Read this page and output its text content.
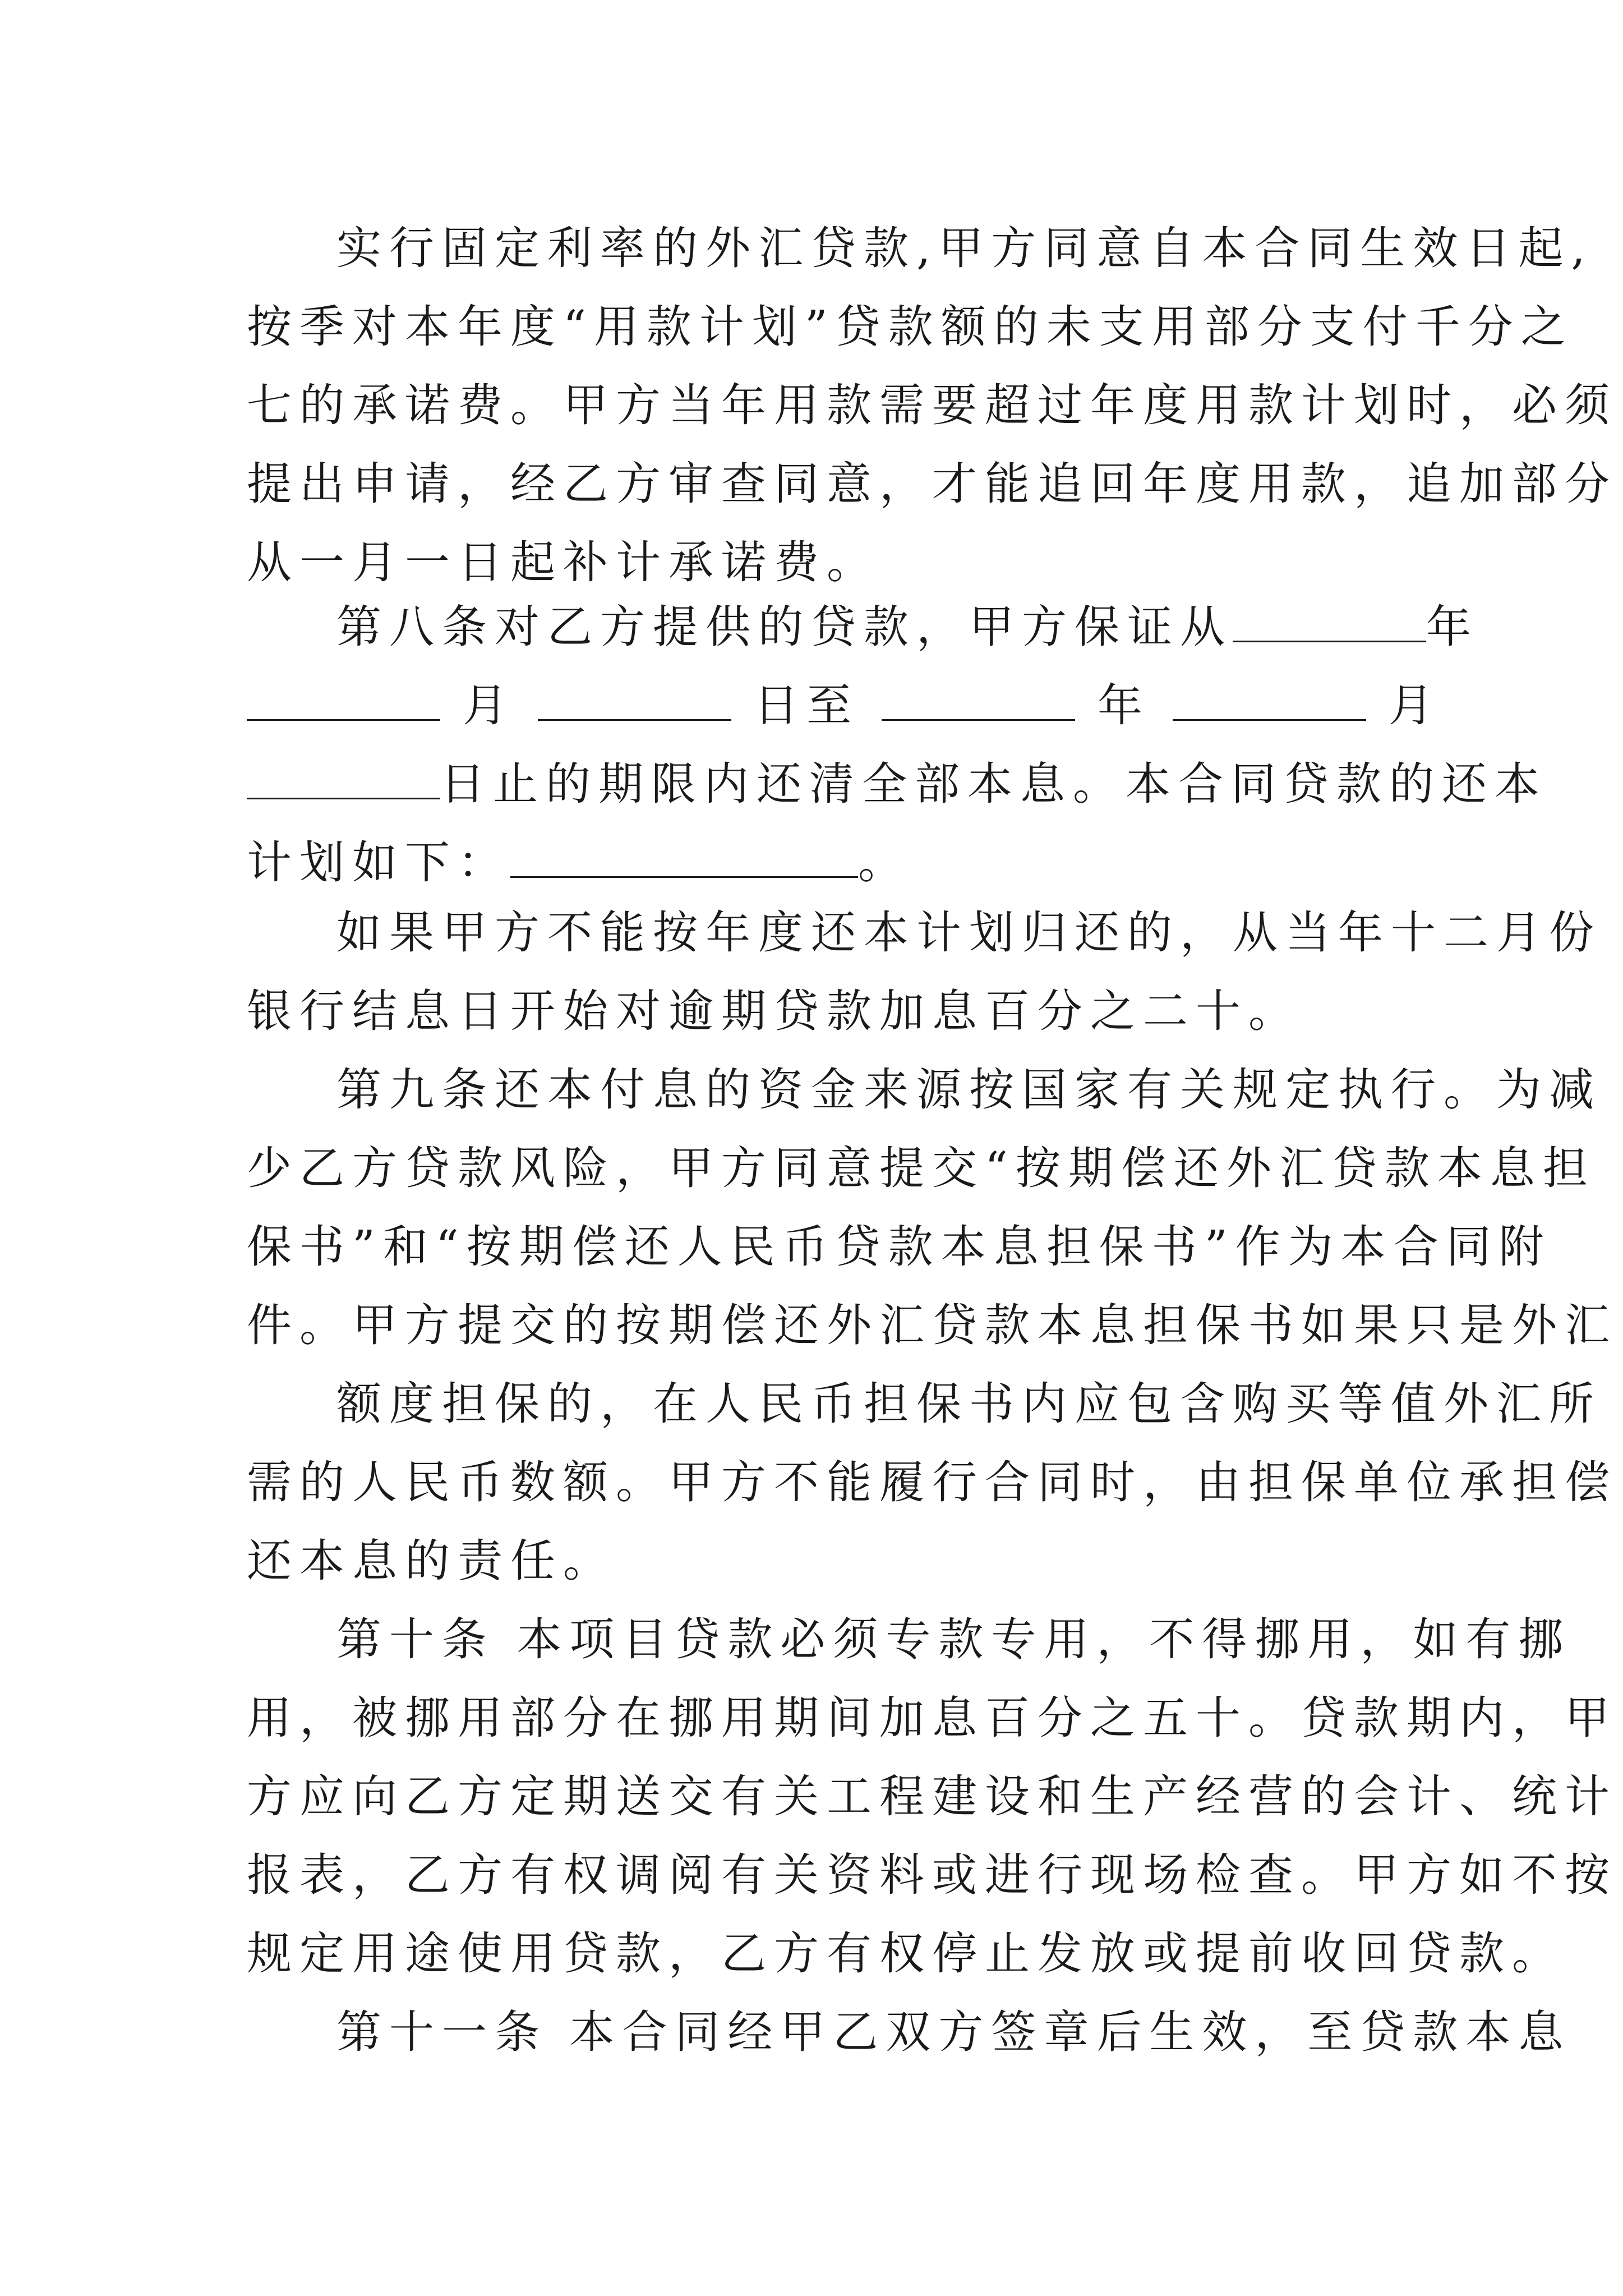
实行固定利率的外汇贷款,甲方同意自本合同生效日起,
按季对本年度“用款计划”贷款额的未支用部分支付千分之
七的承诺费。甲方当年用款需要超过年度用款计划时，必须
提出申请，经乙方审查同意，才能追回年度用款，追加部分
从一月一日起补计承诺费。
第八条对乙方提供的贷款，甲方保证从	年
月	日至	年	月
日止的期限内还清全部本息。本合同贷款的还本
计划如下：	。
如果甲方不能按年度还本计划归还的，从当年十二月份
银行结息日开始对逾期贷款加息百分之二十。
第九条还本付息的资金来源按国家有关规定执行。为减
少乙方贷款风险，甲方同意提交“按期偿还外汇贷款本息担
保书”和“按期偿还人民币贷款本息担保书”作为本合同附
件。甲方提交的按期偿还外汇贷款本息担保书如果只是外汇
额度担保的，在人民币担保书内应包含购买等值外汇所
需的人民币数额。甲方不能履行合同时，由担保单位承担偿
还本息的责任。
第十条 本项目贷款必须专款专用，不得挪用，如有挪
用，被挪用部分在挪用期间加息百分之五十。贷款期内，甲
方应向乙方定期送交有关工程建设和生产经营的会计、统计
报表，乙方有权调阅有关资料或进行现场检查。甲方如不按
规定用途使用贷款，乙方有权停止发放或提前收回贷款。
第十一条 本合同经甲乙双方签章后生效，至贷款本息
